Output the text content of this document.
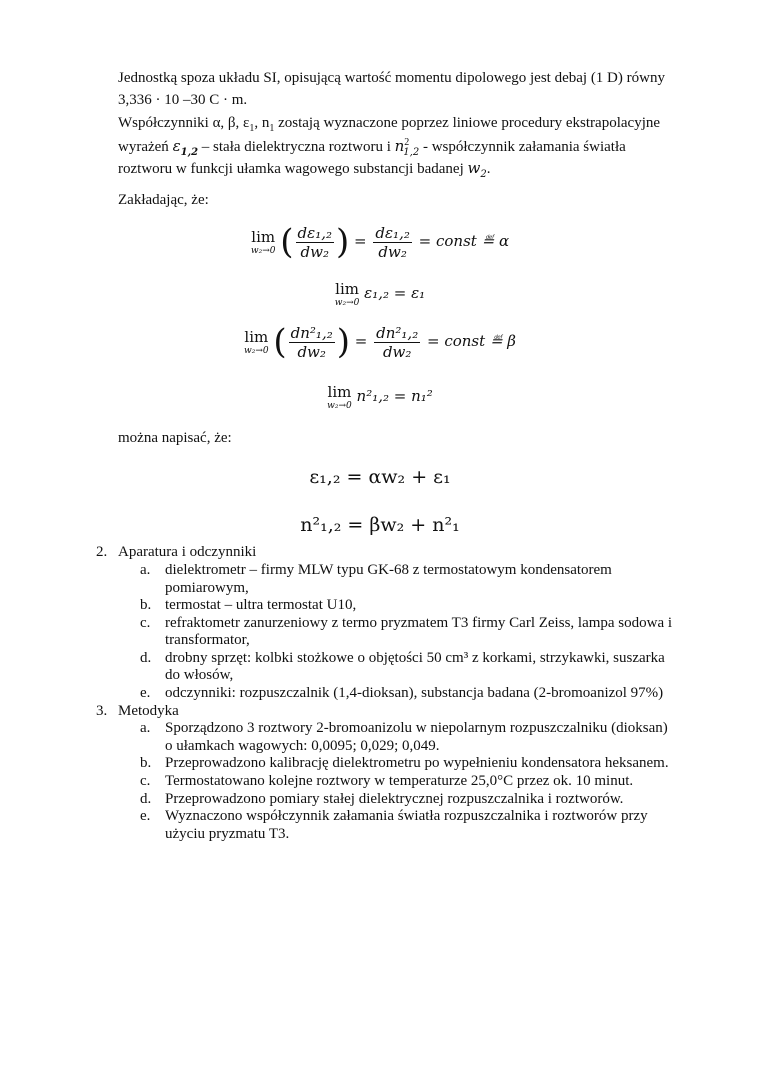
Jednostką spoza układu SI, opisującą wartość momentu dipolowego jest debaj (1 D) równy
3,336 · 10 –30 C · m.
Współczynniki α, β, $\varepsilon_1$, $n_1$ zostają wyznaczone poprzez liniowe procedury ekstrapolacyjne
wyrażeń $\varepsilon_{1,2}$ – stała dielektryczna roztworu i $n^2_{1,2}$ - współczynnik załamania światła
roztworu w funkcji ułamka wagowego substancji badanej $w_2$.
Zakładając, że:
lim
w₂→0 ( $\frac{\text{dε₁,₂}}{\text{dw₂}}$ ) = $\frac{\text{dε₁,₂}}{\text{dw₂}}$ = const ≝ α
lim
w₂→0
ε₁,₂ = ε₁
lim
w₂→0 ( $\frac{\text{dn²₁,₂}}{\text{dw₂}}$ ) = $\frac{\text{dn²₁,₂}}{\text{dw₂}}$ = const ≝ β
lim
w₂→0
n²₁,₂ = n₁²
można napisać, że:
ε₁,₂ = αw₂ + ε₁
n²₁,₂ = βw₂ + n²₁
2. Aparatura i odczynniki
a. dielektrometr – firmy MLW typu GK-68 z termostatowym kondensatorem
pomiarowym,
b. termostat – ultra termostat U10,
c. refraktometr zanurzeniowy z termo pryzmatem T3 firmy Carl Zeiss, lampa sodowa i
transformator,
d. drobny sprzęt: kolbki stożkowe o objętości 50 cm³ z korkami, strzykawki, suszarka
do włosów,
e. odczynniki: rozpuszczalnik (1,4-dioksan), substancja badana (2-bromoanizol 97%)
3. Metodyka
a. Sporządzono 3 roztwory 2-bromoanizolu w niepolarnym rozpuszczalniku (dioksan)
o ułamkach wagowych: 0,0095; 0,029; 0,049.
b. Przeprowadzono kalibrację dielektrometru po wypełnieniu kondensatora heksanem.
c. Termostatowano kolejne roztwory w temperaturze 25,0°C przez ok. 10 minut.
d. Przeprowadzono pomiary stałej dielektrycznej rozpuszczalnika i roztworów.
e. Wyznaczono współczynnik załamania światła rozpuszczalnika i roztworów przy
użyciu pryzmatu T3.
